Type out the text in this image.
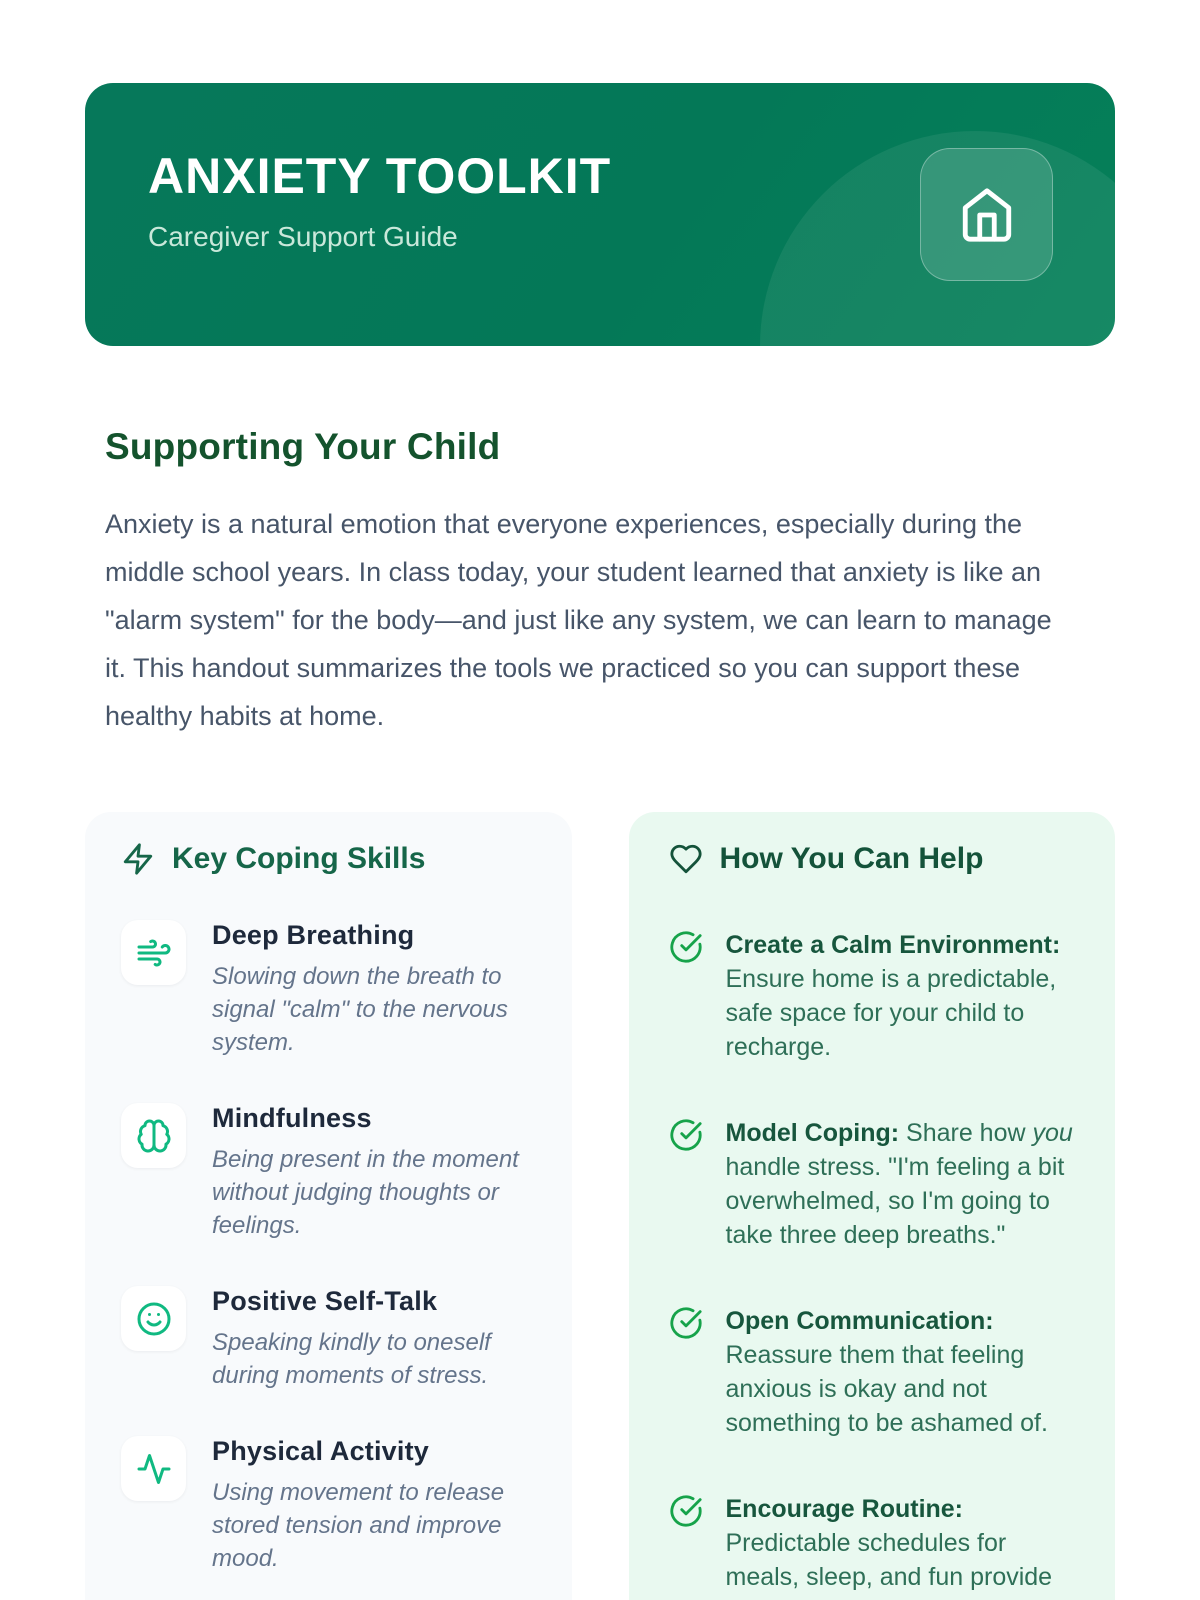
ANXIETY TOOLKIT
Caregiver Support Guide
Supporting Your Child

Anxiety is a natural emotion that everyone experiences, especially during the middle school years. In class today, your student learned that anxiety is like an "alarm system" for the body—and just like any system, we can learn to manage it. This handout summarizes the tools we practiced so you can support these healthy habits at home.

Key Coping Skills
Deep Breathing
Slowing down the breath to signal "calm" to the nervous system.
Mindfulness
Being present in the moment without judging thoughts or feelings.
Positive Self-Talk
Speaking kindly to oneself during moments of stress.
Physical Activity
Using movement to release stored tension and improve mood.
How You Can Help
Create a Calm Environment: Ensure home is a predictable, safe space for your child to recharge.
Model Coping: Share how you handle stress. "I'm feeling a bit overwhelmed, so I'm going to take three deep breaths."
Open Communication: Reassure them that feeling anxious is okay and not something to be ashamed of.
Encourage Routine: Predictable schedules for meals, sleep, and fun provide
